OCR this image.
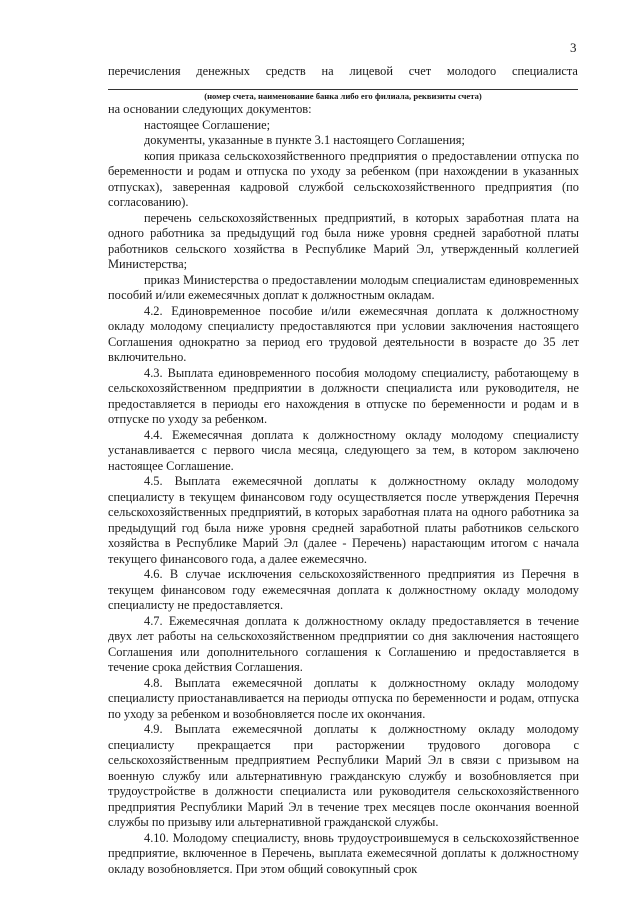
3
перечисления денежных средств на лицевой счет молодого специалиста
(номер счета, наименование банка либо его филиала, реквизиты счета)

на основании следующих документов:

настоящее Соглашение;

документы, указанные в пункте 3.1 настоящего Соглашения;

копия приказа сельскохозяйственного предприятия о предоставлении отпуска по беременности и родам и отпуска по уходу за ребенком (при нахождении в указанных отпусках), заверенная кадровой службой сельскохозяйственного предприятия (по согласованию).

перечень сельскохозяйственных предприятий, в которых заработная плата на одного работника за предыдущий год была ниже уровня средней заработной платы работников сельского хозяйства в Республике Марий Эл, утвержденный коллегией Министерства;

приказ Министерства о предоставлении молодым специалистам единовременных пособий и/или ежемесячных доплат к должностным окладам.

4.2. Единовременное пособие и/или ежемесячная доплата к должностному окладу молодому специалисту предоставляются при условии заключения настоящего Соглашения однократно за период его трудовой деятельности в возрасте до 35 лет включительно.

4.3. Выплата единовременного пособия молодому специалисту, работающему в сельскохозяйственном предприятии в должности специалиста или руководителя, не предоставляется в периоды его нахождения в отпуске по беременности и родам и в отпуске по уходу за ребенком.

4.4. Ежемесячная доплата к должностному окладу молодому специалисту устанавливается с первого числа месяца, следующего за тем, в котором заключено настоящее Соглашение.

4.5. Выплата ежемесячной доплаты к должностному окладу молодому специалисту в текущем финансовом году осуществляется после утверждения Перечня сельскохозяйственных предприятий, в которых заработная плата на одного работника за предыдущий год была ниже уровня средней заработной платы работников сельского хозяйства в Республике Марий Эл (далее - Перечень) нарастающим итогом с начала текущего финансового года, а далее ежемесячно.

4.6. В случае исключения сельскохозяйственного предприятия из Перечня в текущем финансовом году ежемесячная доплата к должностному окладу молодому специалисту не предоставляется.

4.7. Ежемесячная доплата к должностному окладу предоставляется в течение двух лет работы на сельскохозяйственном предприятии со дня заключения настоящего Соглашения или дополнительного соглашения к Соглашению и предоставляется в течение срока действия Соглашения.

4.8. Выплата ежемесячной доплаты к должностному окладу молодому специалисту приостанавливается на периоды отпуска по беременности и родам, отпуска по уходу за ребенком и возобновляется после их окончания.

4.9. Выплата ежемесячной доплаты к должностному окладу молодому специалисту прекращается при расторжении трудового договора с сельскохозяйственным предприятием Республики Марий Эл в связи с призывом на военную службу или альтернативную гражданскую службу и возобновляется при трудоустройстве в должности специалиста или руководителя сельскохозяйственного предприятия Республики Марий Эл в течение трех месяцев после окончания военной службы по призыву или альтернативной гражданской службы.

4.10. Молодому специалисту, вновь трудоустроившемуся в сельскохозяйственное предприятие, включенное в Перечень, выплата ежемесячной доплаты к должностному окладу возобновляется. При этом общий совокупный срок
